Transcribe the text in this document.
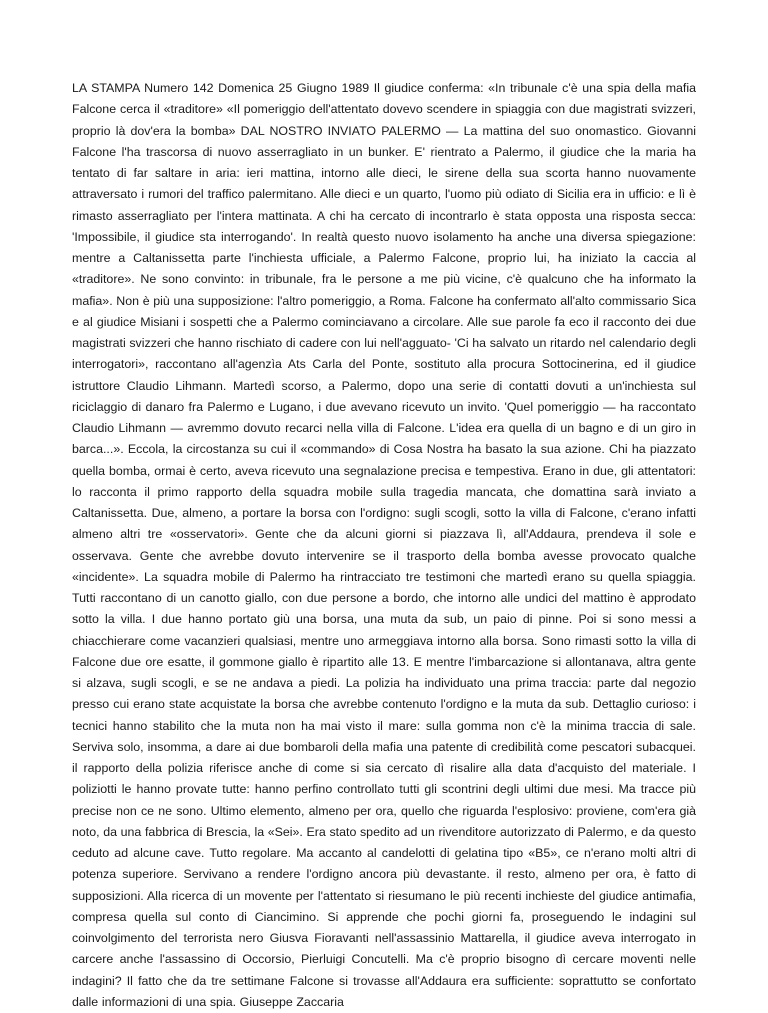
LA STAMPA Numero 142 Domenica 25 Giugno 1989 Il giudice conferma: «In tribunale c'è una spia della mafia Falcone cerca il «traditore» «Il pomeriggio dell'attentato dovevo scendere in spiaggia con due magistrati svizzeri, proprio là dov'era la bomba» DAL NOSTRO INVIATO PALERMO — La mattina del suo onomastico. Giovanni Falcone l'ha trascorsa di nuovo asserragliato in un bunker. E' rientrato a Palermo, il giudice che la maria ha tentato di far saltare in aria: ieri mattina, intorno alle dieci, le sirene della sua scorta hanno nuovamente attraversato i rumori del traffico palermitano. Alle dieci e un quarto, l'uomo più odiato di Sicilia era in ufficio: e lì è rimasto asserragliato per l'intera mattinata. A chi ha cercato di incontrarlo è stata opposta una risposta secca: 'Impossibile, il giudice sta interrogando'. In realtà questo nuovo isolamento ha anche una diversa spiegazione: mentre a Caltanissetta parte l'inchiesta ufficiale, a Palermo Falcone, proprio lui, ha iniziato la caccia al «traditore». Ne sono convinto: in tribunale, fra le persone a me più vicine, c'è qualcuno che ha informato la mafia». Non è più una supposizione: l'altro pomeriggio, a Roma. Falcone ha confermato all'alto commissario Sica e al giudice Misiani i sospetti che a Palermo cominciavano a circolare. Alle sue parole fa eco il racconto dei due magistrati svizzeri che hanno rischiato di cadere con lui nell'agguato- 'Ci ha salvato un ritardo nel calendario degli interrogatori», raccontano all'agenzìa Ats Carla del Ponte, sostituto alla procura Sottocinerina, ed il giudice istruttore Claudio Lihmann. Martedì scorso, a Palermo, dopo una serie di contatti dovuti a un'inchiesta sul riciclaggio di danaro fra Palermo e Lugano, i due avevano ricevuto un invito. 'Quel pomeriggio — ha raccontato Claudio Lihmann — avremmo dovuto recarci nella villa di Falcone. L'idea era quella di un bagno e di un giro in barca...». Eccola, la circostanza su cui il «commando» di Cosa Nostra ha basato la sua azione. Chi ha piazzato quella bomba, ormai è certo, aveva ricevuto una segnalazione precisa e tempestiva. Erano in due, gli attentatori: lo racconta il primo rapporto della squadra mobile sulla tragedia mancata, che domattina sarà inviato a Caltanissetta. Due, almeno, a portare la borsa con l'ordigno: sugli scogli, sotto la villa di Falcone, c'erano infatti almeno altri tre «osservatori». Gente che da alcuni giorni si piazzava lì, all'Addaura, prendeva il sole e osservava. Gente che avrebbe dovuto intervenire se il trasporto della bomba avesse provocato qualche «incidente». La squadra mobile di Palermo ha rintracciato tre testimoni che martedì erano su quella spiaggia. Tutti raccontano di un canotto giallo, con due persone a bordo, che intorno alle undici del mattino è approdato sotto la villa. I due hanno portato giù una borsa, una muta da sub, un paio di pinne. Poi si sono messi a chiacchierare come vacanzieri qualsiasi, mentre uno armeggiava intorno alla borsa. Sono rimasti sotto la villa di Falcone due ore esatte, il gommone giallo è ripartito alle 13. E mentre l'imbarcazione si allontanava, altra gente si alzava, sugli scogli, e se ne andava a piedi. La polizia ha individuato una prima traccia: parte dal negozio presso cui erano state acquistate la borsa che avrebbe contenuto l'ordigno e la muta da sub. Dettaglio curioso: i tecnici hanno stabilito che la muta non ha mai visto il mare: sulla gomma non c'è la minima traccia di sale. Serviva solo, insomma, a dare ai due bombaroli della mafia una patente di credibilità come pescatori subacquei. il rapporto della polizia riferisce anche di come si sia cercato dì risalire alla data d'acquisto del materiale. I poliziotti le hanno provate tutte: hanno perfino controllato tutti gli scontrini degli ultimi due mesi. Ma tracce più precise non ce ne sono. Ultimo elemento, almeno per ora, quello che riguarda l'esplosivo: proviene, com'era già noto, da una fabbrica di Brescia, la «Sei». Era stato spedito ad un rivenditore autorizzato di Palermo, e da questo ceduto ad alcune cave. Tutto regolare. Ma accanto al candelotti di gelatina tipo «B5», ce n'erano molti altri di potenza superiore. Servivano a rendere l'ordigno ancora più devastante. il resto, almeno per ora, è fatto di supposizioni. Alla ricerca di un movente per l'attentato si riesumano le più recenti inchieste del giudice antimafia, compresa quella sul conto di Ciancimino. Si apprende che pochi giorni fa, proseguendo le indagini sul coinvolgimento del terrorista nero Giusva Fioravanti nell'assassinio Mattarella, il giudice aveva interrogato in carcere anche l'assassino di Occorsio, Pierluigi Concutelli. Ma c'è proprio bisogno dì cercare moventi nelle indagini? Il fatto che da tre settimane Falcone si trovasse all'Addaura era sufficiente: soprattutto se confortato dalle informazioni di una spia. Giuseppe Zaccaria
